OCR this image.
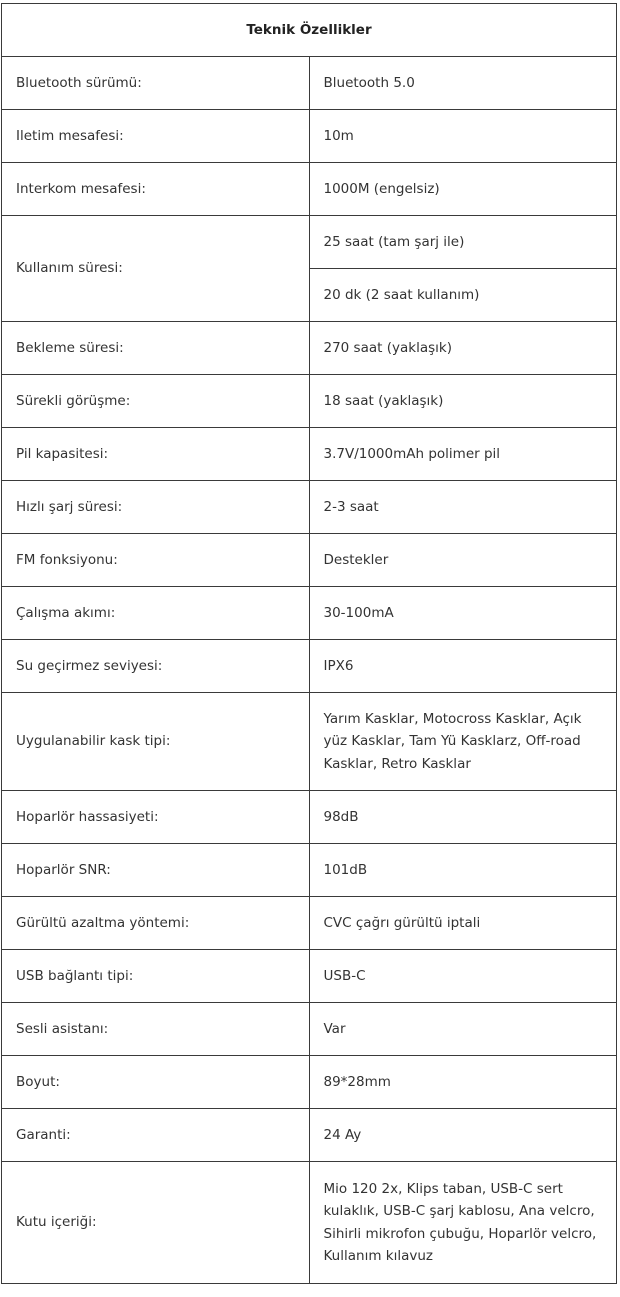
Teknik Özellikler	
Bluetooth sürümü:	Bluetooth 5.0
Iletim mesafesi:	10m
Interkom mesafesi:	1000M (engelsiz)
Kullanım süresi:	25 saat (tam şarj ile)
	20 dk (2 saat kullanım)
Bekleme süresi:	270 saat (yaklaşık)
Sürekli görüşme:	18 saat (yaklaşık)
Pil kapasitesi:	3.7V/1000mAh polimer pil
Hızlı şarj süresi:	2-3 saat
FM fonksiyonu:	Destekler
Çalışma akımı:	30-100mA
Su geçirmez seviyesi:	IPX6
Uygulanabilir kask tipi:	Yarım Kasklar, Motocross Kasklar, Açık yüz Kasklar, Tam Yü Kasklarz, Off-road Kasklar, Retro Kasklar
Hoparlör hassasiyeti:	98dB
Hoparlör SNR:	101dB
Gürültü azaltma yöntemi:	CVC çağrı gürültü iptali
USB bağlantı tipi:	USB-C
Sesli asistanı:	Var
Boyut:	89*28mm
Garanti:	24 Ay
Kutu içeriği:	Mio 120 2x, Klips taban, USB-C sert kulaklık, USB-C şarj kablosu, Ana velcro, Sihirli mikrofon çubuğu, Hoparlör velcro, Kullanım kılavuz
